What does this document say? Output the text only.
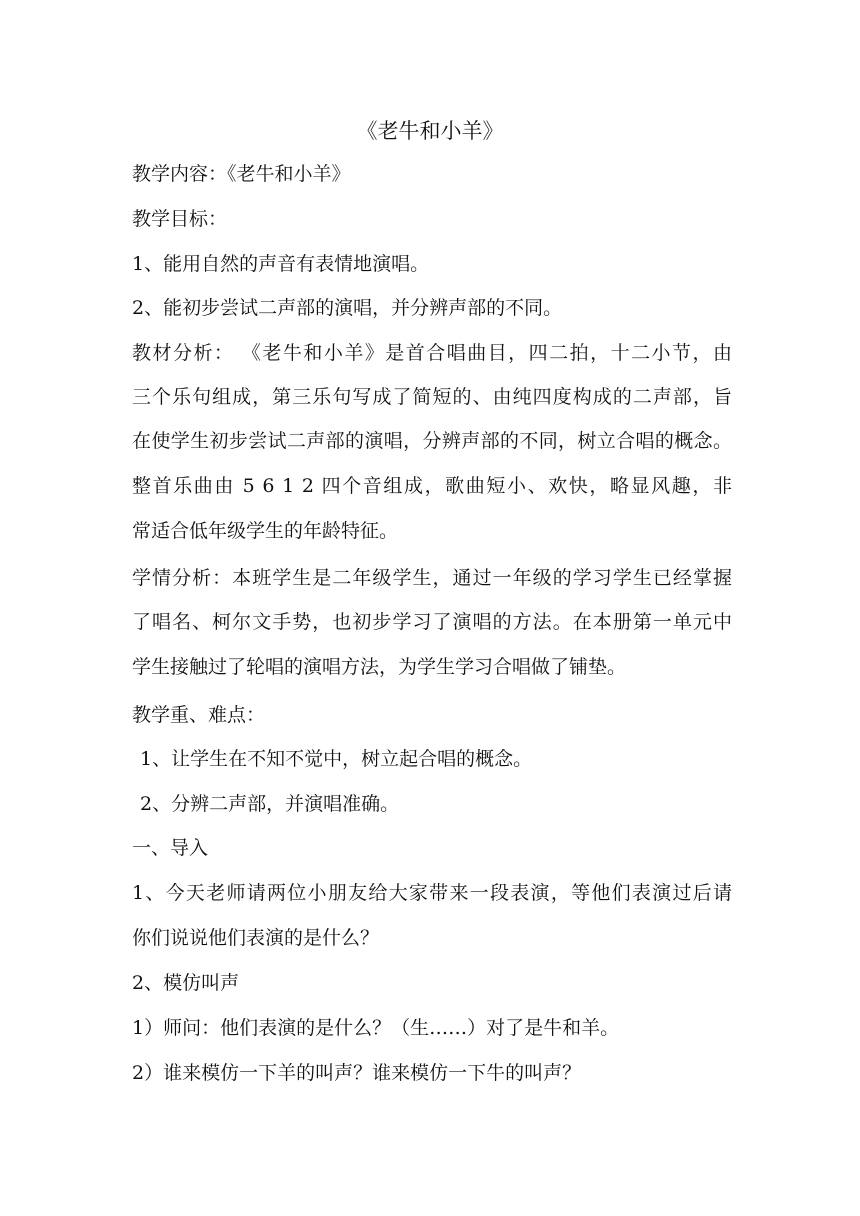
《老牛和小羊》
教学内容：《老牛和小羊》
教学目标：
1、能用自然的声音有表情地演唱。
2、能初步尝试二声部的演唱，并分辨声部的不同。
教材分析： 《老牛和小羊》是首合唱曲目，四二拍，十二小节，由
三个乐句组成，第三乐句写成了简短的、由纯四度构成的二声部，旨
在使学生初步尝试二声部的演唱，分辨声部的不同，树立合唱的概念。
整首乐曲由 5 6 1 2 四个音组成，歌曲短小、欢快，略显风趣，非
常适合低年级学生的年龄特征。
学情分析：本班学生是二年级学生，通过一年级的学习学生已经掌握
了唱名、柯尔文手势，也初步学习了演唱的方法。在本册第一单元中
学生接触过了轮唱的演唱方法，为学生学习合唱做了铺垫。
教学重、难点：
1、让学生在不知不觉中，树立起合唱的概念。
2、分辨二声部，并演唱准确。
一、导入
1、今天老师请两位小朋友给大家带来一段表演，等他们表演过后请
你们说说他们表演的是什么？
2、模仿叫声
1）师问：他们表演的是什么？（生……）对了是牛和羊。
2）谁来模仿一下羊的叫声？谁来模仿一下牛的叫声？
